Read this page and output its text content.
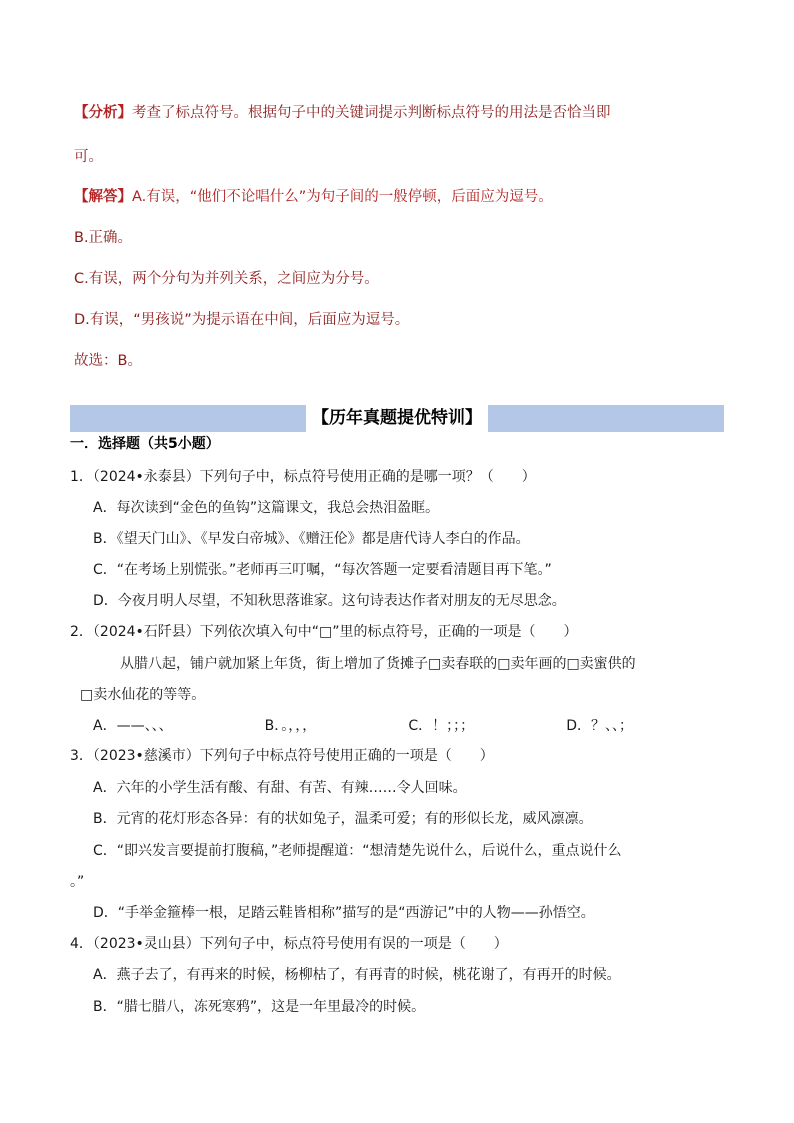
【分析】考查了标点符号。根据句子中的关键词提示判断标点符号的用法是否恰当即
可。
【解答】A.有误，“他们不论唱什么”为句子间的一般停顿，后面应为逗号。
B.正确。
C.有误，两个分句为并列关系，之间应为分号。
D.有误，“男孩说”为提示语在中间，后面应为逗号。
故选：B。
【历年真题提优特训】
一．选择题（共5小题）
1．（2024•永泰县）下列句子中，标点符号使用正确的是哪一项？（　　）
A．每次读到“金色的鱼钩”这篇课文，我总会热泪盈眶。
B．《望天门山》、《早发白帝城》、《赠汪伦》都是唐代诗人李白的作品。
C．“在考场上别慌张。”老师再三叮嘱，“每次答题一定要看清题目再下笔。”
D．今夜月明人尽望，不知秋思落谁家。这句诗表达作者对朋友的无尽思念。
2．（2024•石阡县）下列依次填入句中“□”里的标点符号，正确的一项是（　　）
从腊八起，铺户就加紧上年货，街上增加了货摊子□卖春联的□卖年画的□卖蜜供的
□卖水仙花的等等。
A．——、、、	B．。，，，	C．！；；；	D．？、、；
3．（2023•慈溪市）下列句子中标点符号使用正确的一项是（　　）
A．六年的小学生活有酸、有甜、有苦、有辣……令人回味。
B．元宵的花灯形态各异：有的状如兔子，温柔可爱；有的形似长龙，威风凛凛。
C．“即兴发言要提前打腹稿，”老师提醒道：“想清楚先说什么，后说什么，重点说什么
。”
D．“手举金箍棒一根，足踏云鞋皆相称”描写的是“西游记”中的人物——孙悟空。
4．（2023•灵山县）下列句子中，标点符号使用有误的一项是（　　）
A．燕子去了，有再来的时候，杨柳枯了，有再青的时候，桃花谢了，有再开的时候。
B．“腊七腊八，冻死寒鸦”，这是一年里最冷的时候。
